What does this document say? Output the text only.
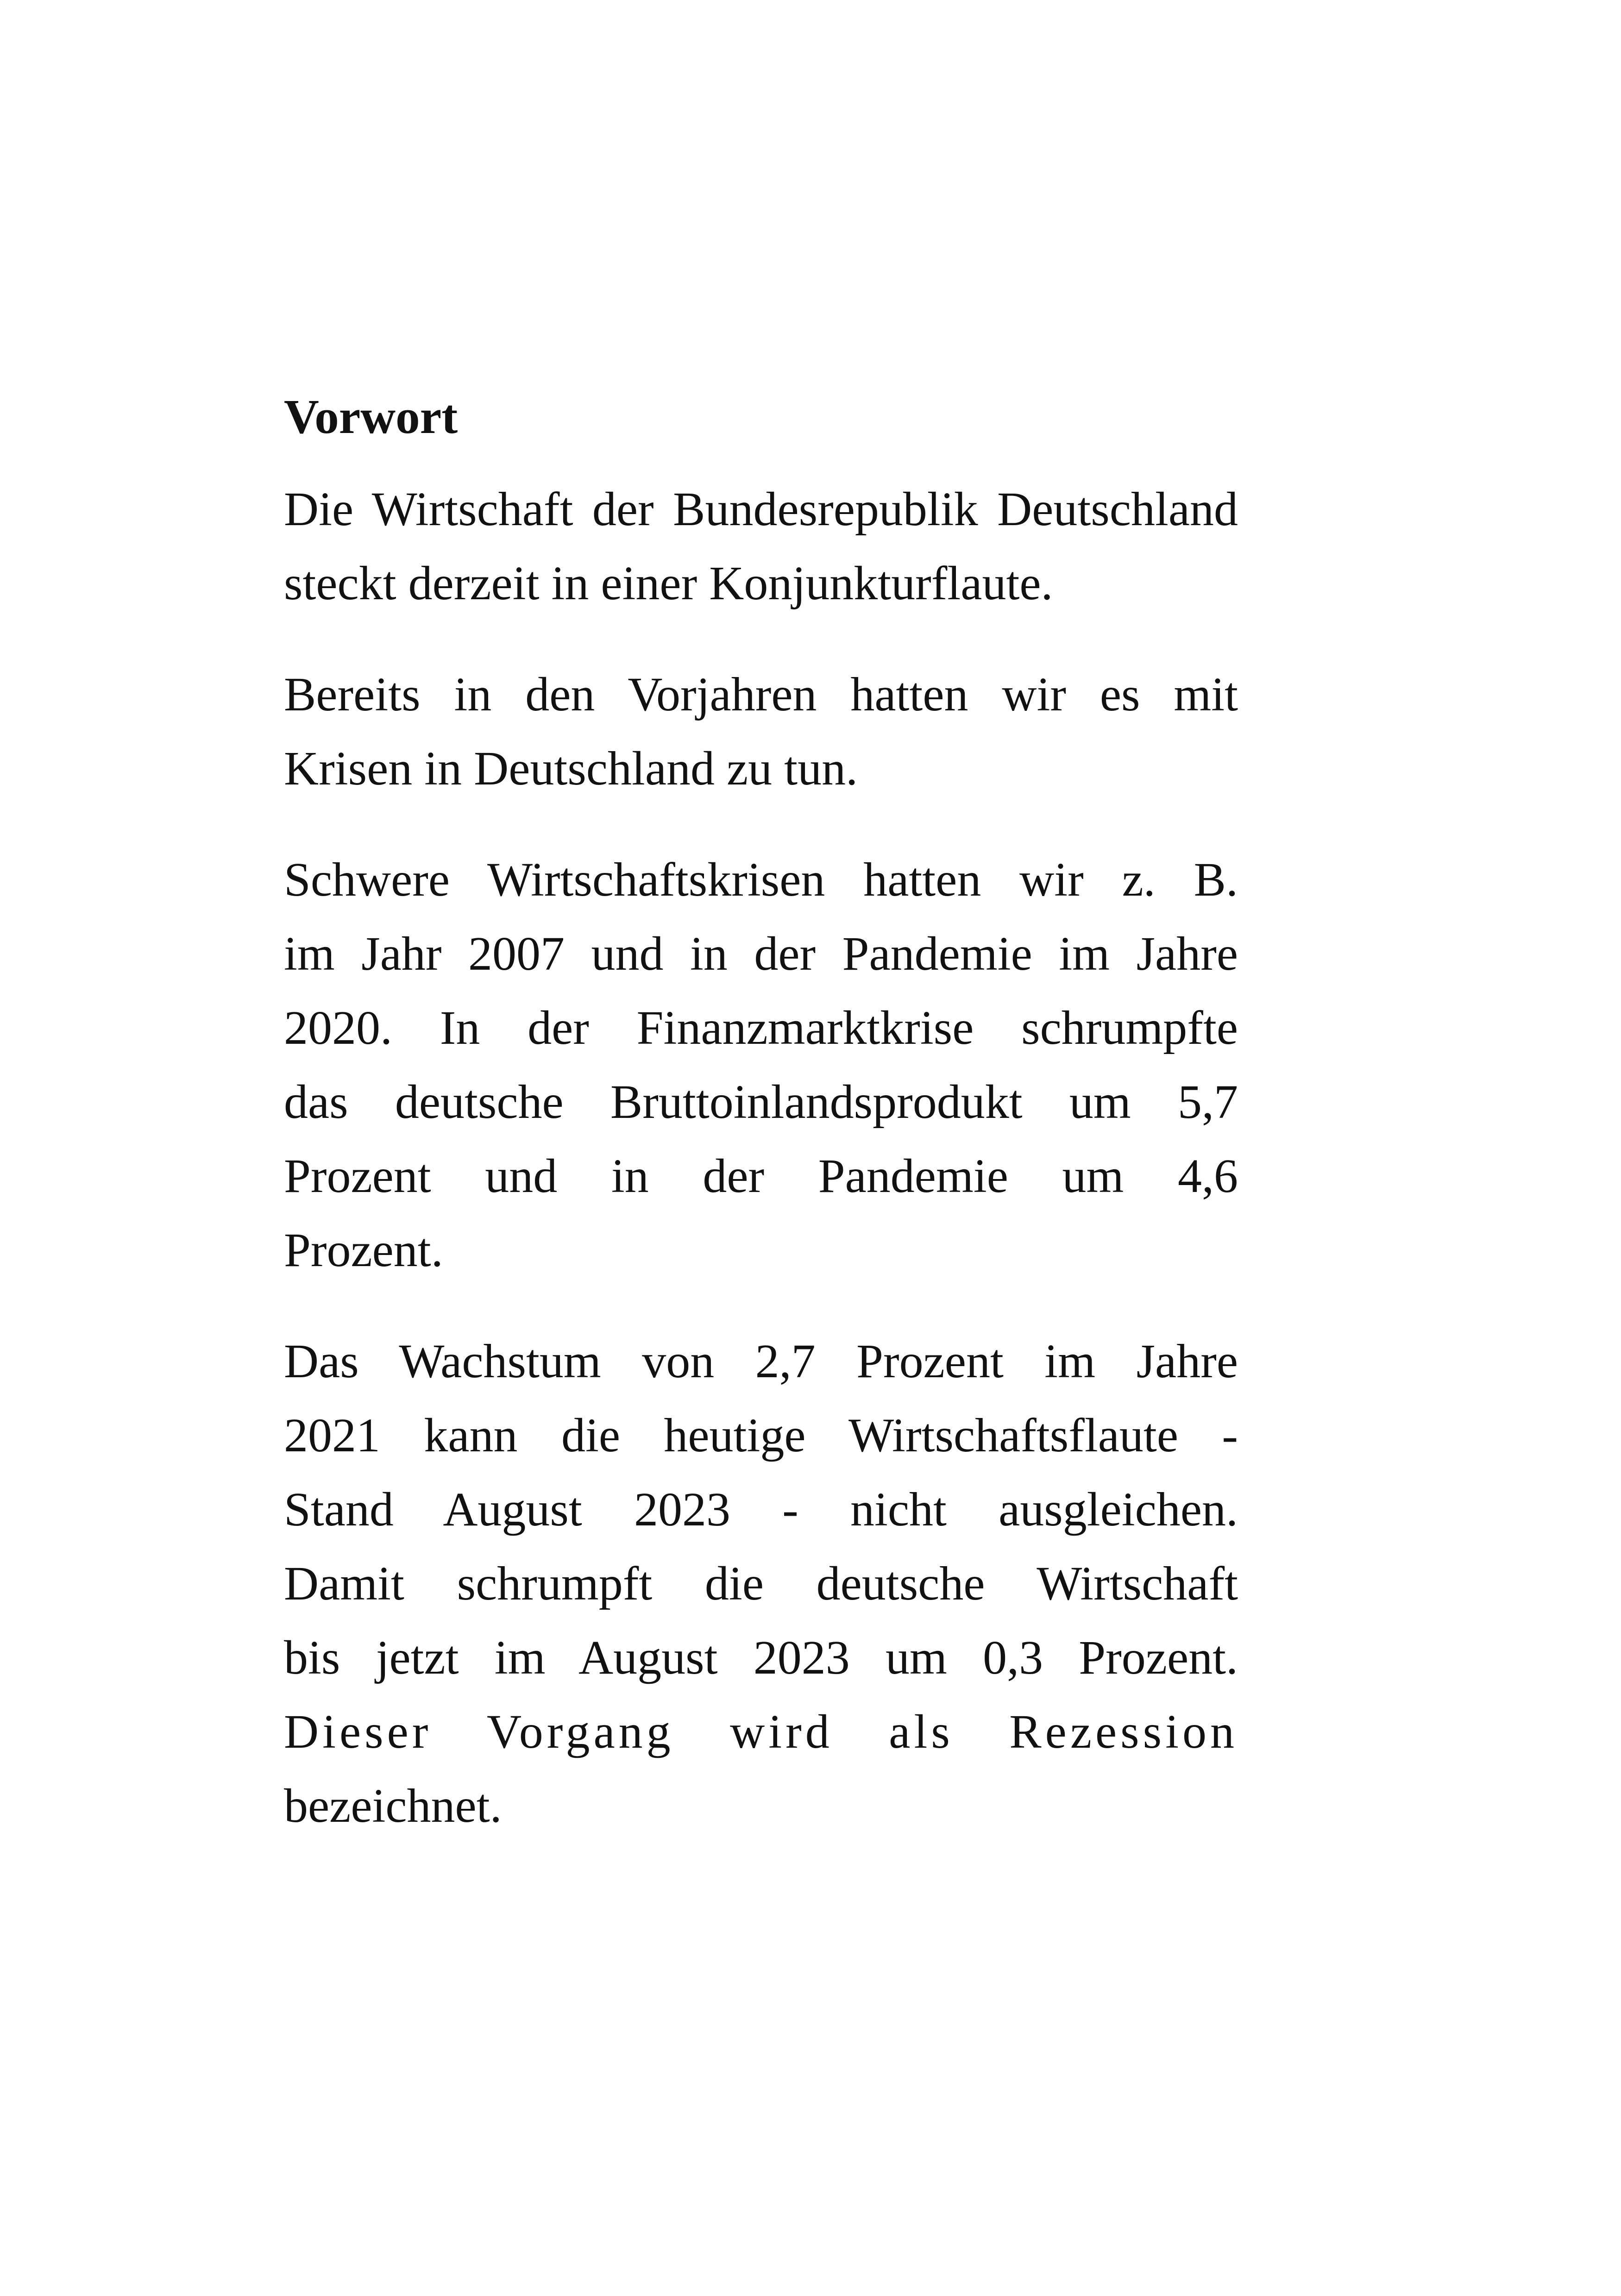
Vorwort
Die Wirtschaft der Bundesrepublik Deutschland
steckt derzeit in einer Konjunkturflaute.
Bereits in den Vorjahren hatten wir es mit
Krisen in Deutschland zu tun.
Schwere Wirtschaftskrisen hatten wir z. B.
im Jahr 2007 und in der Pandemie im Jahre
2020. In der Finanzmarktkrise schrumpfte
das deutsche Bruttoinlandsprodukt um 5,7
Prozent und in der Pandemie um 4,6
Prozent.
Das Wachstum von 2,7 Prozent im Jahre
2021 kann die heutige Wirtschaftsflaute -
Stand August 2023 - nicht ausgleichen.
Damit schrumpft die deutsche Wirtschaft
bis jetzt im August 2023 um 0,3 Prozent.
Dieser Vorgang wird als Rezession
bezeichnet.
